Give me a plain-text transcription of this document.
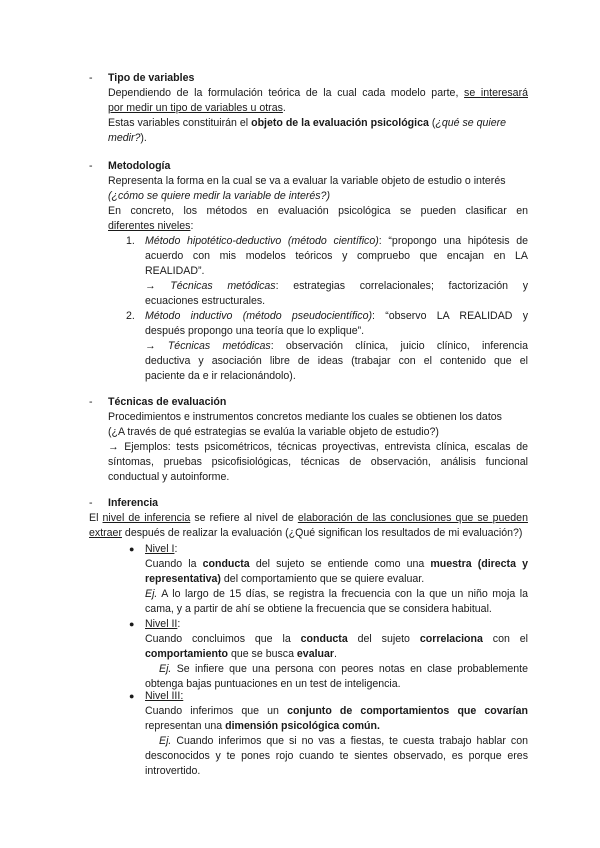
- Tipo de variables
Dependiendo de la formulación teórica de la cual cada modelo parte, se interesará
por medir un tipo de variables u otras.
Estas variables constituirán el objeto de la evaluación psicológica (¿qué se quiere
medir?).
- Metodología
Representa la forma en la cual se va a evaluar la variable objeto de estudio o interés
(¿cómo se quiere medir la variable de interés?)
En concreto, los métodos en evaluación psicológica se pueden clasificar en
diferentes niveles:
1. Método hipotético-deductivo (método científico): “propongo una hipótesis de
acuerdo con mis modelos teóricos y compruebo que encajan en LA
REALIDAD”.
→ Técnicas metódicas: estrategias correlacionales; factorización y
ecuaciones estructurales.
2. Método inductivo (método pseudocientífico): “observo LA REALIDAD y
después propongo una teoría que lo explique”.
→ Técnicas metódicas: observación clínica, juicio clínico, inferencia
deductiva y asociación libre de ideas (trabajar con el contenido que el
paciente da e ir relacionándolo).
- Técnicas de evaluación
Procedimientos e instrumentos concretos mediante los cuales se obtienen los datos
(¿A través de qué estrategias se evalúa la variable objeto de estudio?)
→ Ejemplos: tests psicométricos, técnicas proyectivas, entrevista clínica, escalas de
síntomas, pruebas psicofisiológicas, técnicas de observación, análisis funcional
conductual y autoinforme.
- Inferencia
El nivel de inferencia se refiere al nivel de elaboración de las conclusiones que se pueden
extraer después de realizar la evaluación (¿Qué significan los resultados de mi evaluación?)
● Nivel I:
Cuando la conducta del sujeto se entiende como una muestra (directa y
representativa) del comportamiento que se quiere evaluar.
Ej. A lo largo de 15 días, se registra la frecuencia con la que un niño moja la
cama, y a partir de ahí se obtiene la frecuencia que se considera habitual.
● Nivel II:
Cuando concluimos que la conducta del sujeto correlaciona con el
comportamiento que se busca evaluar.
Ej. Se infiere que una persona con peores notas en clase probablemente
obtenga bajas puntuaciones en un test de inteligencia.
● Nivel III:
Cuando inferimos que un conjunto de comportamientos que covarían
representan una dimensión psicológica común.
Ej. Cuando inferimos que si no vas a fiestas, te cuesta trabajo hablar con
desconocidos y te pones rojo cuando te sientes observado, es porque eres
introvertido.
